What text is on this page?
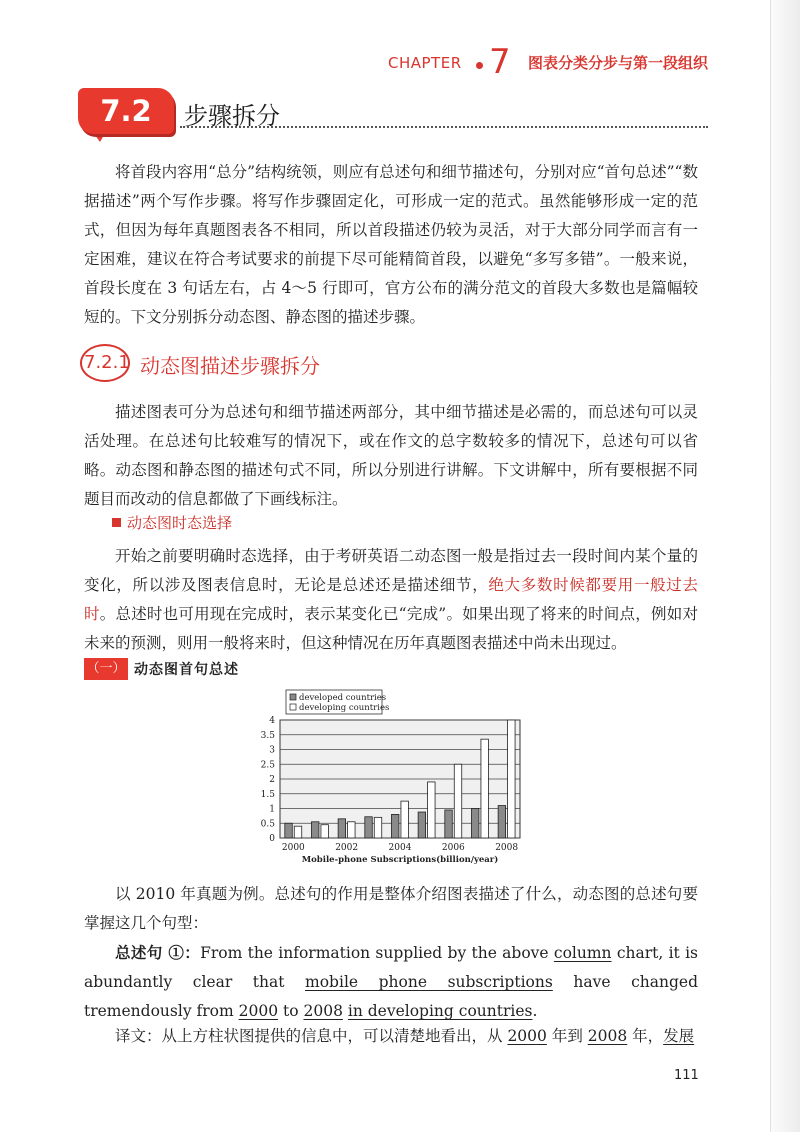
CHAPTER 7 图表分类分步与第一段组织
7.2	步骤拆分
将首段内容用“总分”结构统领，则应有总述句和细节描述句，分别对应“首句总述”“数据描述”两个写作步骤。将写作步骤固定化，可形成一定的范式。虽然能够形成一定的范式，但因为每年真题图表各不相同，所以首段描述仍较为灵活，对于大部分同学而言有一定困难，建议在符合考试要求的前提下尽可能精简首段，以避免“多写多错”。一般来说，首段长度在 3 句话左右，占 4～5 行即可，官方公布的满分范文的首段大多数也是篇幅较短的。下文分别拆分动态图、静态图的描述步骤。
7.2.1 动态图描述步骤拆分
描述图表可分为总述句和细节描述两部分，其中细节描述是必需的，而总述句可以灵活处理。在总述句比较难写的情况下，或在作文的总字数较多的情况下，总述句可以省略。动态图和静态图的描述句式不同，所以分别进行讲解。下文讲解中，所有要根据不同题目而改动的信息都做了下画线标注。
动态图时态选择
开始之前要明确时态选择，由于考研英语二动态图一般是指过去一段时间内某个量的变化，所以涉及图表信息时，无论是总述还是描述细节，绝大多数时候都要用一般过去时。总述时也可用现在完成时，表示某变化已“完成”。如果出现了将来的时间点，例如对未来的预测，则用一般将来时，但这种情况在历年真题图表描述中尚未出现过。
（一） 动态图首句总述
0
0.5
1
1.5
2
2.5
3
3.5
4
2000	2002	2004	2006	2008
Mobile-phone Subscriptions(billion/year)
developed countries
developing countries
以 2010 年真题为例。总述句的作用是整体介绍图表描述了什么，动态图的总述句要掌握这几个句型：
总述句 ①：From the information supplied by the above column chart, it is abundantly clear that mobile phone subscriptions have changed tremendously from 2000 to 2008 in developing countries.
译文：从上方柱状图提供的信息中，可以清楚地看出，从 2000 年到 2008 年，发展
111
